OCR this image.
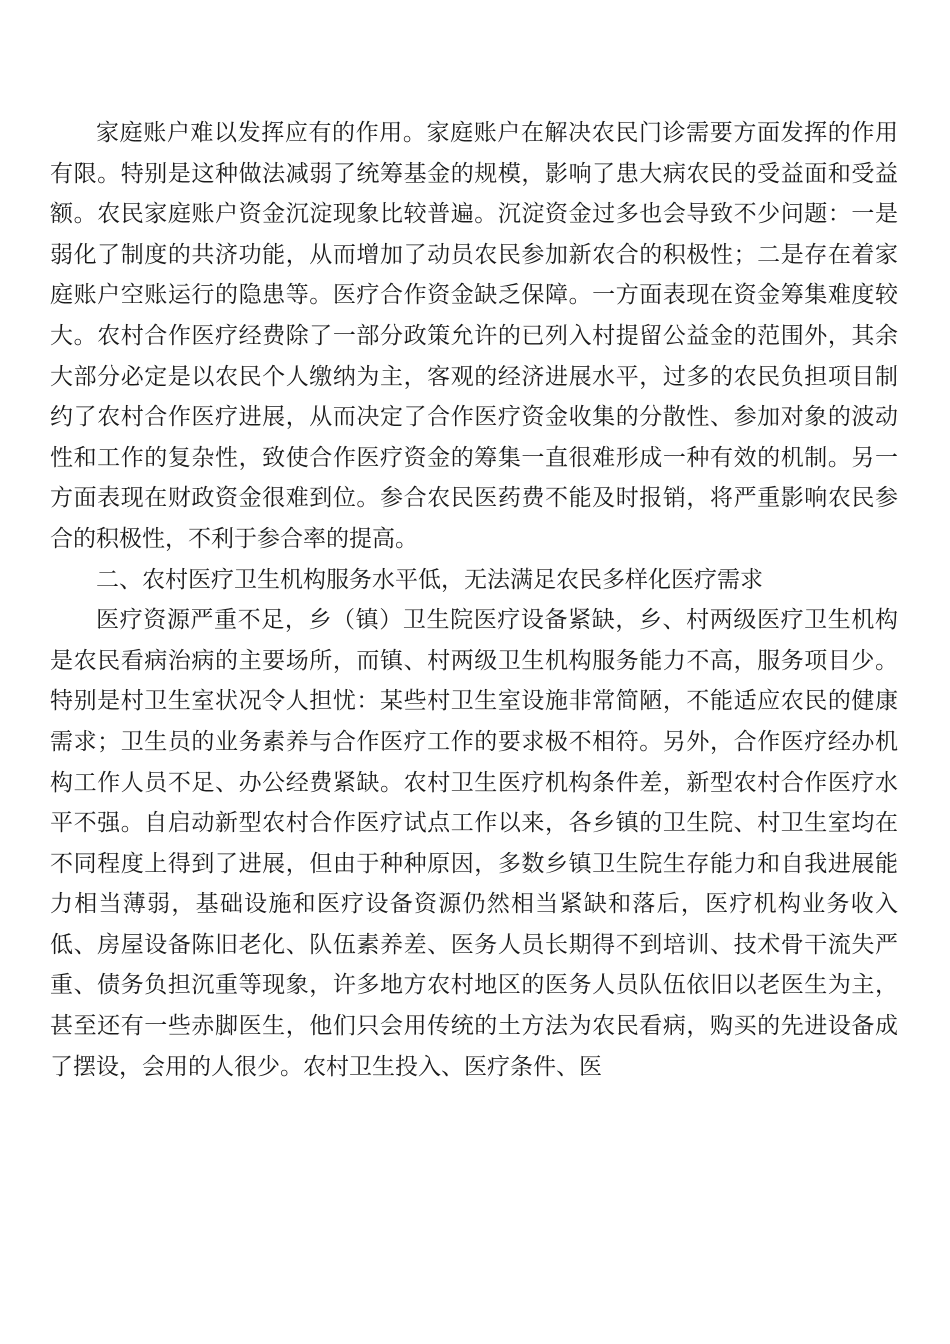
家庭账户难以发挥应有的作用。家庭账户在解决农民门诊需要方面发挥的作用有限。特别是这种做法减弱了统筹基金的规模，影响了患大病农民的受益面和受益额。农民家庭账户资金沉淀现象比较普遍。沉淀资金过多也会导致不少问题：一是弱化了制度的共济功能，从而增加了动员农民参加新农合的积极性；二是存在着家庭账户空账运行的隐患等。医疗合作资金缺乏保障。一方面表现在资金筹集难度较大。农村合作医疗经费除了一部分政策允许的已列入村提留公益金的范围外，其余大部分必定是以农民个人缴纳为主，客观的经济进展水平，过多的农民负担项目制约了农村合作医疗进展，从而决定了合作医疗资金收集的分散性、参加对象的波动性和工作的复杂性，致使合作医疗资金的筹集一直很难形成一种有效的机制。另一方面表现在财政资金很难到位。参合农民医药费不能及时报销，将严重影响农民参合的积极性，不利于参合率的提高。

二、农村医疗卫生机构服务水平低，无法满足农民多样化医疗需求

医疗资源严重不足，乡（镇）卫生院医疗设备紧缺，乡、村两级医疗卫生机构是农民看病治病的主要场所，而镇、村两级卫生机构服务能力不高，服务项目少。特别是村卫生室状况令人担忧：某些村卫生室设施非常简陋，不能适应农民的健康需求；卫生员的业务素养与合作医疗工作的要求极不相符。另外，合作医疗经办机构工作人员不足、办公经费紧缺。农村卫生医疗机构条件差，新型农村合作医疗水平不强。自启动新型农村合作医疗试点工作以来，各乡镇的卫生院、村卫生室均在不同程度上得到了进展，但由于种种原因，多数乡镇卫生院生存能力和自我进展能力相当薄弱，基础设施和医疗设备资源仍然相当紧缺和落后，医疗机构业务收入低、房屋设备陈旧老化、队伍素养差、医务人员长期得不到培训、技术骨干流失严重、债务负担沉重等现象，许多地方农村地区的医务人员队伍依旧以老医生为主，甚至还有一些赤脚医生，他们只会用传统的土方法为农民看病，购买的先进设备成了摆设，会用的人很少。农村卫生投入、医疗条件、医
